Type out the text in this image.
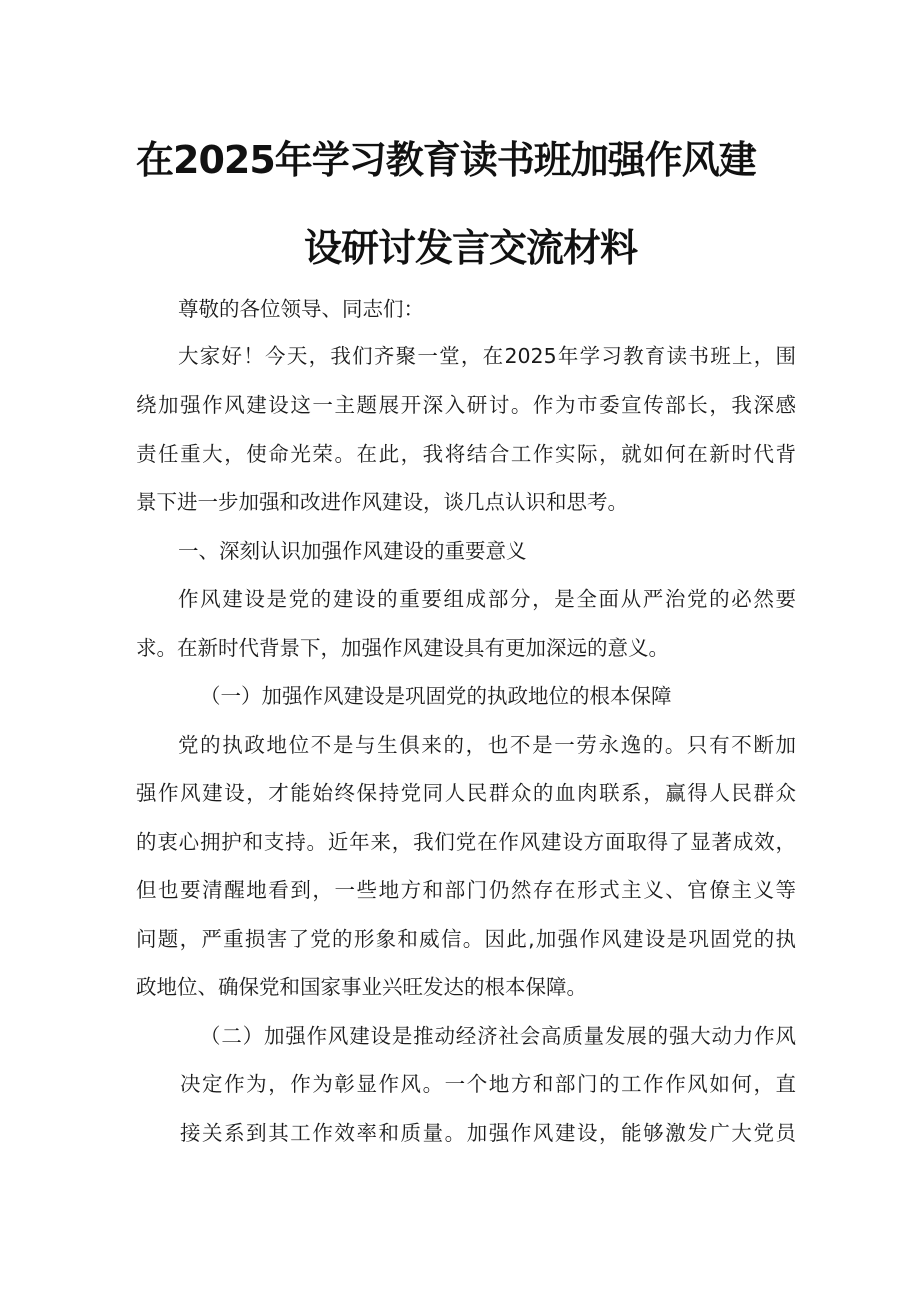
在2025年学习教育读书班加强作风建
设研讨发言交流材料
尊敬的各位领导、同志们：
大家好！今天，我们齐聚一堂，在2025年学习教育读书班上，围
绕加强作风建设这一主题展开深入研讨。作为市委宣传部长，我深感
责任重大，使命光荣。在此，我将结合工作实际，就如何在新时代背
景下进一步加强和改进作风建设，谈几点认识和思考。
一、深刻认识加强作风建设的重要意义
作风建设是党的建设的重要组成部分，是全面从严治党的必然要
求。在新时代背景下，加强作风建设具有更加深远的意义。
（一）加强作风建设是巩固党的执政地位的根本保障
党的执政地位不是与生俱来的，也不是一劳永逸的。只有不断加
强作风建设，才能始终保持党同人民群众的血肉联系，赢得人民群众
的衷心拥护和支持。近年来，我们党在作风建设方面取得了显著成效，
但也要清醒地看到，一些地方和部门仍然存在形式主义、官僚主义等
问题，严重损害了党的形象和威信。因此,加强作风建设是巩固党的执
政地位、确保党和国家事业兴旺发达的根本保障。
（二）加强作风建设是推动经济社会高质量发展的强大动力作风
决定作为，作为彰显作风。一个地方和部门的工作作风如何，直
接关系到其工作效率和质量。加强作风建设，能够激发广大党员
